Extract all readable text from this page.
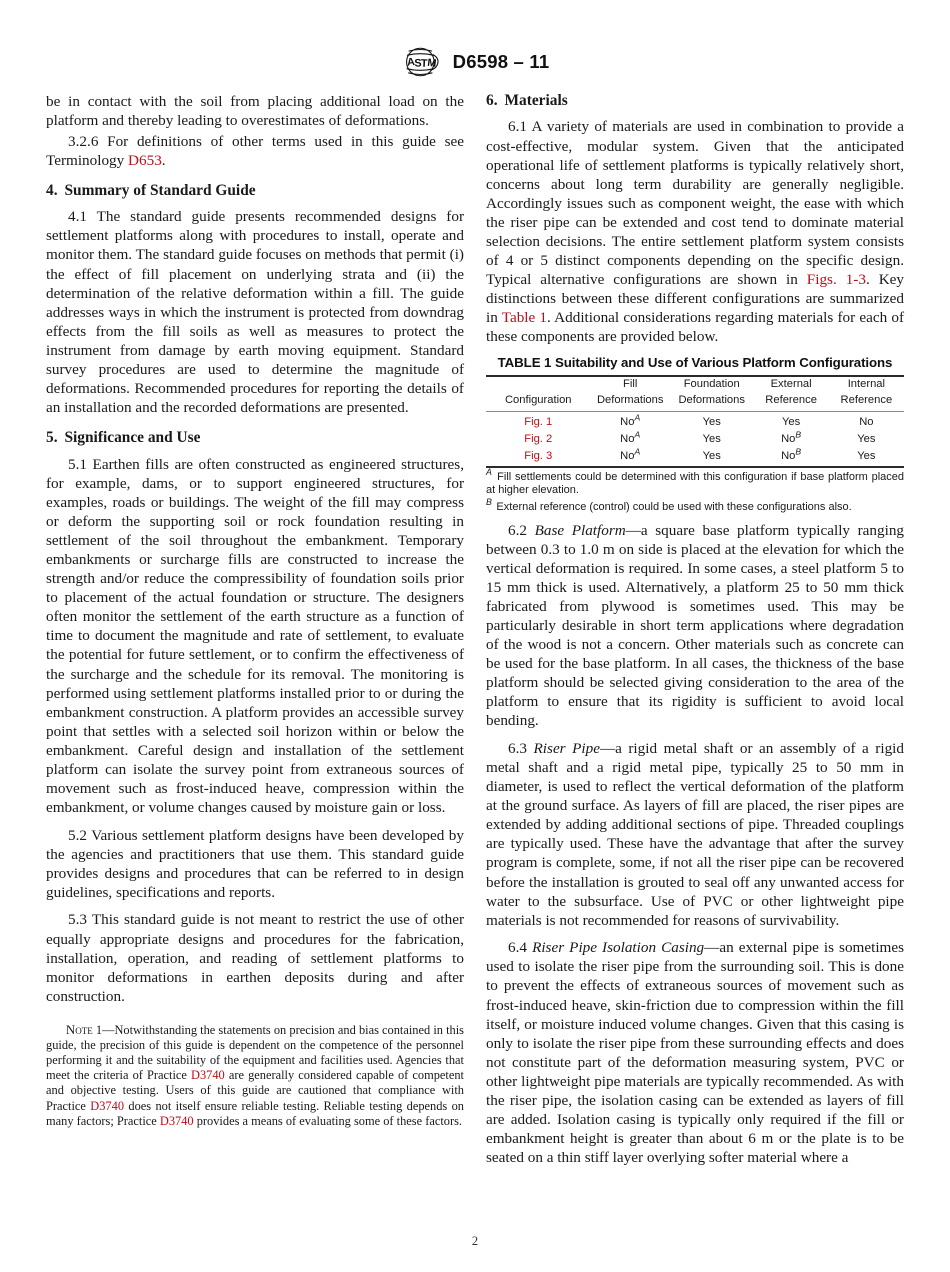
A
S
T
M D6598 – 11

be in contact with the soil from placing additional load on the platform and thereby leading to overestimates of deformations.

3.2.6 For definitions of other terms used in this guide see Terminology D653.

4. Summary of Standard Guide

4.1 The standard guide presents recommended designs for settlement platforms along with procedures to install, operate and monitor them. The standard guide focuses on methods that permit (i) the effect of fill placement on underlying strata and (ii) the determination of the relative deformation within a fill. The guide addresses ways in which the instrument is protected from downdrag effects from the fill soils as well as measures to protect the instrument from damage by earth moving equipment. Standard survey procedures are used to determine the magnitude of deformations. Recommended procedures for reporting the details of an installation and the recorded deformations are presented.

5. Significance and Use

5.1 Earthen fills are often constructed as engineered structures, for example, dams, or to support engineered structures, for examples, roads or buildings. The weight of the fill may compress or deform the supporting soil or rock foundation resulting in settlement of the soil throughout the embankment. Temporary embankments or surcharge fills are constructed to increase the strength and/or reduce the compressibility of foundation soils prior to placement of the actual foundation or structure. The designers often monitor the settlement of the earth structure as a function of time to document the magnitude and rate of settlement, to evaluate the potential for future settlement, or to confirm the effectiveness of the surcharge and the schedule for its removal. The monitoring is performed using settlement platforms installed prior to or during the embankment construction. A platform provides an accessible survey point that settles with a selected soil horizon within or below the embankment. Careful design and installation of the settlement platform can isolate the survey point from extraneous sources of movement such as frost-induced heave, compression within the embankment, or volume changes caused by moisture gain or loss.

5.2 Various settlement platform designs have been developed by the agencies and practitioners that use them. This standard guide provides designs and procedures that can be referred to in design guidelines, specifications and reports.

5.3 This standard guide is not meant to restrict the use of other equally appropriate designs and procedures for the fabrication, installation, operation, and reading of settlement platforms to monitor deformations in earthen deposits during and after construction.

Note 1—Notwithstanding the statements on precision and bias contained in this guide, the precision of this guide is dependent on the competence of the personnel performing it and the suitability of the equipment and facilities used. Agencies that meet the criteria of Practice D3740 are generally considered capable of competent and objective testing. Users of this guide are cautioned that compliance with Practice D3740 does not itself ensure reliable testing. Reliable testing depends on many factors; Practice D3740 provides a means of evaluating some of these factors.

6. Materials

6.1 A variety of materials are used in combination to provide a cost-effective, modular system. Given that the anticipated operational life of settlement platforms is typically relatively short, concerns about long term durability are generally negligible. Accordingly issues such as component weight, the ease with which the riser pipe can be extended and cost tend to dominate material selection decisions. The entire settlement platform system consists of 4 or 5 distinct components depending on the specific design. Typical alternative configurations are shown in Figs. 1-3. Key distinctions between these different configurations are summarized in Table 1. Additional considerations regarding materials for each of these components are provided below.

TABLE 1 Suitability and Use of Various Platform Configurations
	Fill	Foundation	External	Internal
Configuration	Deformations	Deformations	Reference	Reference
Fig. 1	No$^A$	Yes	Yes	No
Fig. 2	No$^A$	Yes	No$^B$	Yes
Fig. 3	No$^A$	Yes	No$^B$	Yes
$^A$ Fill settlements could be determined with this configuration if base platform placed at higher elevation.
$^B$ External reference (control) could be used with these configurations also.

6.2 Base Platform—a square base platform typically ranging between 0.3 to 1.0 m on side is placed at the elevation for which the vertical deformation is required. In some cases, a steel platform 5 to 15 mm thick is used. Alternatively, a platform 25 to 50 mm thick fabricated from plywood is sometimes used. This may be particularly desirable in short term applications where degradation of the wood is not a concern. Other materials such as concrete can be used for the base platform. In all cases, the thickness of the base platform should be selected giving consideration to the area of the platform to ensure that its rigidity is sufficient to avoid local bending.

6.3 Riser Pipe—a rigid metal shaft or an assembly of a rigid metal shaft and a rigid metal pipe, typically 25 to 50 mm in diameter, is used to reflect the vertical deformation of the platform at the ground surface. As layers of fill are placed, the riser pipes are extended by adding additional sections of pipe. Threaded couplings are typically used. These have the advantage that after the survey program is complete, some, if not all the riser pipe can be recovered before the installation is grouted to seal off any unwanted access for water to the subsurface. Use of PVC or other lightweight pipe materials is not recommended for reasons of survivability.

6.4 Riser Pipe Isolation Casing—an external pipe is sometimes used to isolate the riser pipe from the surrounding soil. This is done to prevent the effects of extraneous sources of movement such as frost-induced heave, skin-friction due to compression within the fill itself, or moisture induced volume changes. Given that this casing is only to isolate the riser pipe from these surrounding effects and does not constitute part of the deformation measuring system, PVC or other lightweight pipe materials are typically recommended. As with the riser pipe, the isolation casing can be extended as layers of fill are added. Isolation casing is typically only required if the fill or embankment height is greater than about 6 m or the plate is to be seated on a thin stiff layer overlying softer material where a

2
